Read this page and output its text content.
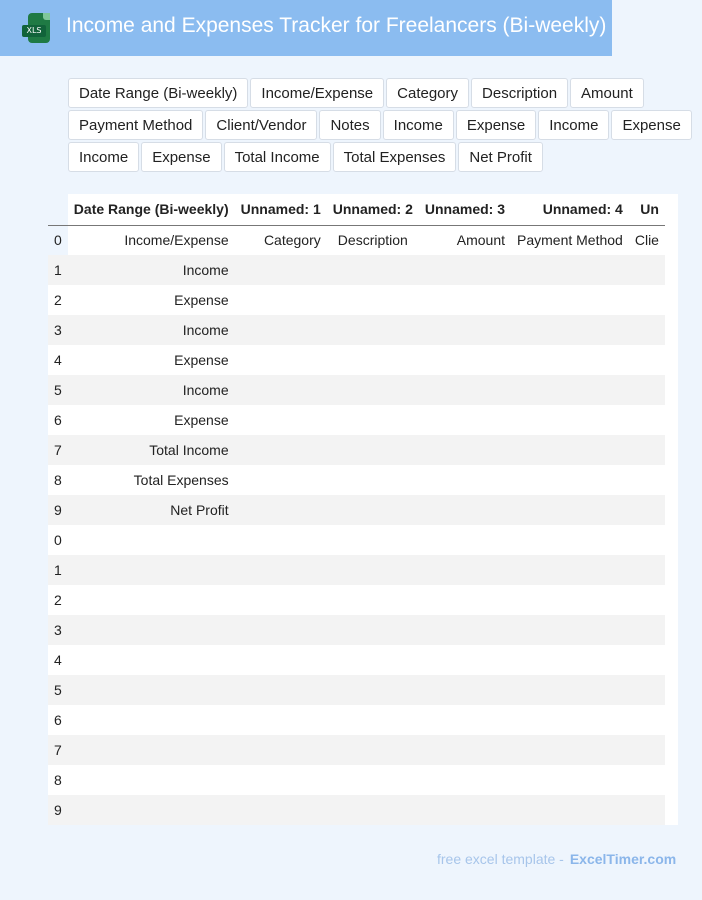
XLS Income and Expenses Tracker for Freelancers (Bi-weekly)
Date Range (Bi-weekly)	Income/Expense	Category	Description	Amount
Payment Method	Client/Vendor	Notes	Income	Expense	Income	Expense
Income	Expense	Total Income	Total Expenses	Net Profit
	Date Range (Bi-weekly)	Unnamed: 1	Unnamed: 2	Unnamed: 3	Unnamed: 4	Un
0	Income/Expense	Category	Description	Amount	Payment Method	Clie
1	Income					
2	Expense					
3	Income					
4	Expense					
5	Income					
6	Expense					
7	Total Income					
8	Total Expenses					
9	Net Profit					
0						
1						
2						
3						
4						
5						
6						
7						
8						
9						
free excel template - ExcelTimer.com
